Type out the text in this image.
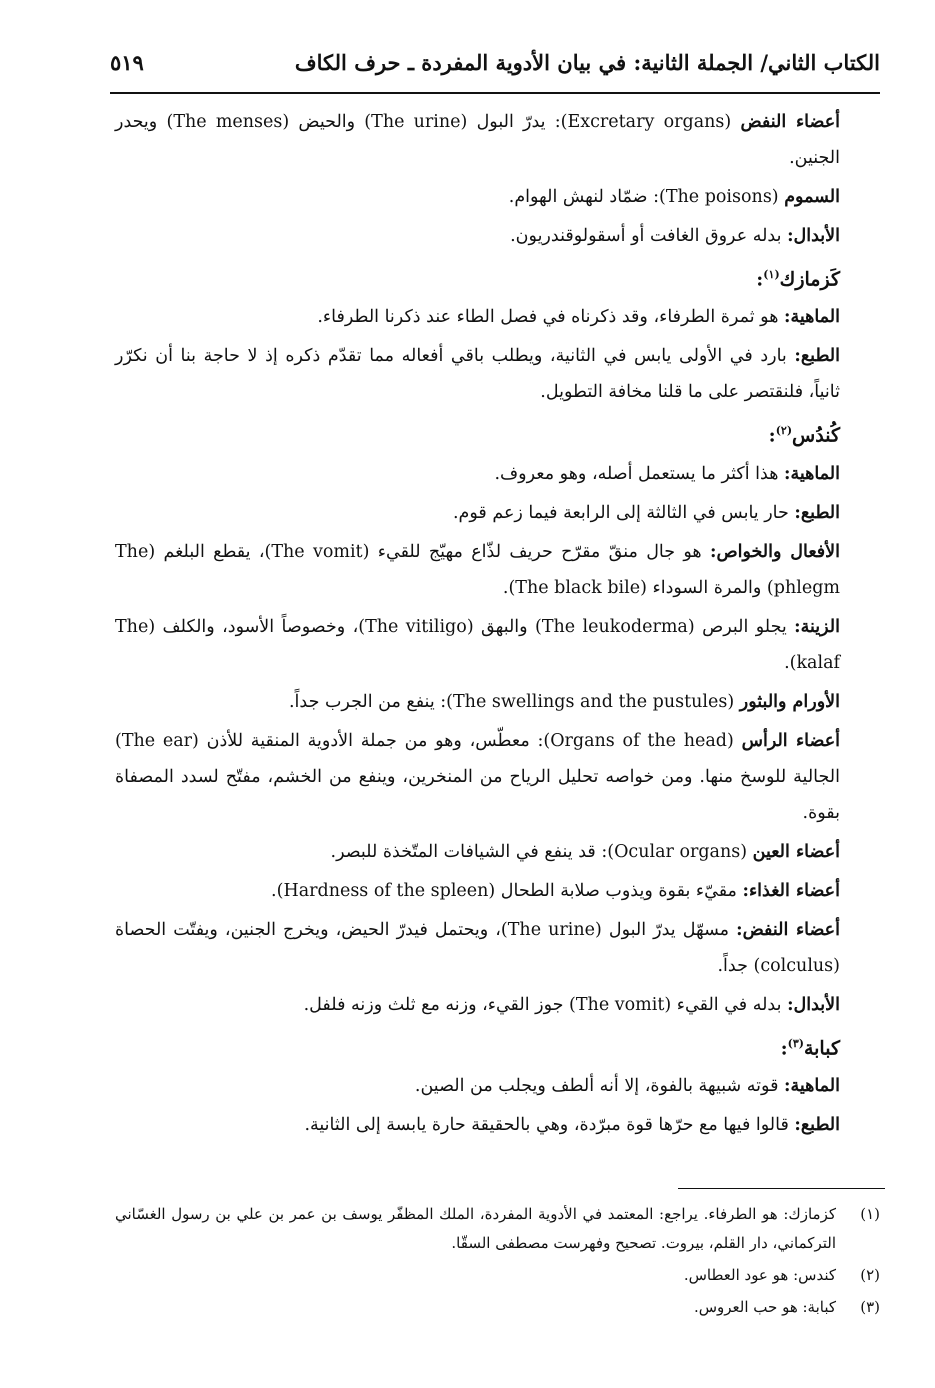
الكتاب الثاني/ الجملة الثانية: في بيان الأدوية المفردة ـ حرف الكاف
٥١٩
أعضاء النفض (Excretary organs): يدرّ البول (The urine) والحيض (The menses) ويحدر الجنين.
السموم (The poisons): ضمّاد لنهش الهوام.
الأبدال: بدله عروق الغافت أو أسقولوقندريون.
كَزمازك$^{(١)}$:
الماهية: هو ثمرة الطرفاء، وقد ذكرناه في فصل الطاء عند ذكرنا الطرفاء.
الطبع: بارد في الأولى يابس في الثانية، ويطلب باقي أفعاله مما تقدّم ذكره إذ لا حاجة بنا أن نكرّر ثانياً، فلنقتصر على ما قلنا مخافة التطويل.
كُندُس$^{(٢)}$:
الماهية: هذا أكثر ما يستعمل أصله، وهو معروف.
الطبع: حار يابس في الثالثة إلى الرابعة فيما زعم قوم.
الأفعال والخواص: هو جال منقّ مقرّح حريف لذّاع مهيّج للقيء (The vomit)، يقطع البلغم (The phlegm) والمرة السوداء (The black bile).
الزينة: يجلو البرص (The leukoderma) والبهق (The vitiligo)، وخصوصاً الأسود، والكلف (The kalaf).
الأورام والبثور (The swellings and the pustules): ينفع من الجرب جداً.
أعضاء الرأس (Organs of the head): معطّس، وهو من جملة الأدوية المنقية للأذن (The ear) الجالية للوسخ منها. ومن خواصه تحليل الرياح من المنخرين، وينفع من الخشم، مفتّح لسدد المصفاة بقوة.
أعضاء العين (Ocular organs): قد ينفع في الشيافات المتّخذة للبصر.
أعضاء الغذاء: مقيّء بقوة ويذوب صلابة الطحال (Hardness of the spleen).
أعضاء النفض: مسهّل يدرّ البول (The urine)، ويحتمل فيدرّ الحيض، ويخرج الجنين، ويفتّت الحصاة (colculus) جداً.
الأبدال: بدله في القيء (The vomit) جوز القيء، وزنه مع ثلث وزنه فلفل.
كبابة$^{(٣)}$:
الماهية: قوته شبيهة بالفوة، إلا أنه ألطف ويجلب من الصين.
الطبع: قالوا فيها مع حرّها قوة مبرّدة، وهي بالحقيقة حارة يابسة إلى الثانية.
(١)
كزمازك: هو الطرفاء. يراجع: المعتمد في الأدوية المفردة، الملك المظفّر يوسف بن عمر بن علي بن رسول الغسّاني التركماني، دار القلم، بيروت. تصحيح وفهرست مصطفى السقّا.
(٢)
كندس: هو عود العطاس.
(٣)
كبابة: هو حب العروس.
